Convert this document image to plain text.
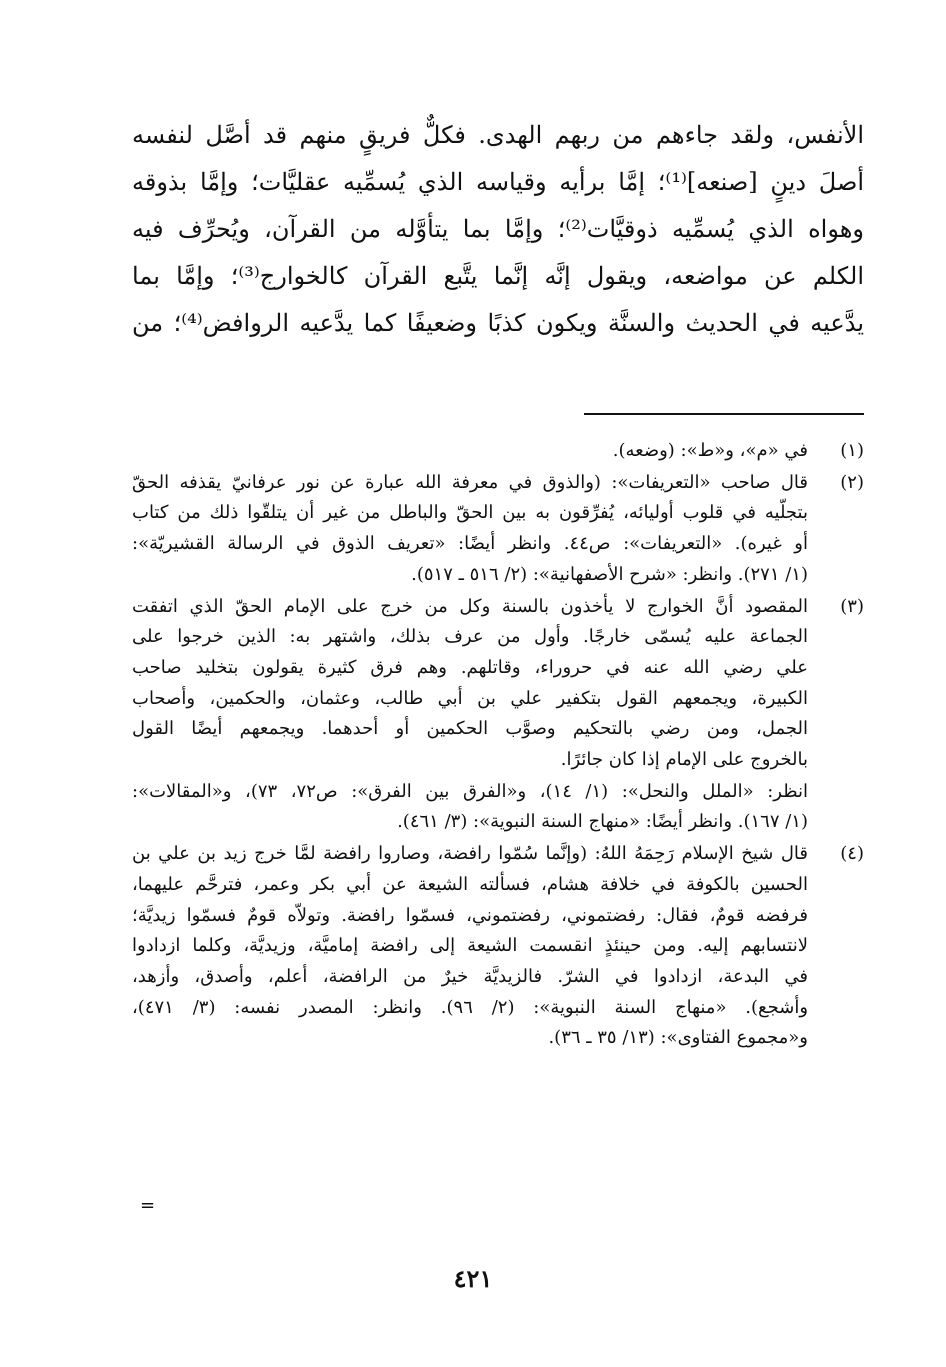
الأنفس، ولقد جاءهم من ربهم الهدى. فكلٌّ فريقٍ منهم قد أصَّل لنفسه
أصلَ دينٍ [صنعه]⁽¹⁾؛ إمَّا برأيه وقياسه الذي يُسمِّيه عقليَّات؛ وإمَّا بذوقه
وهواه الذي يُسمِّيه ذوقيَّات⁽²⁾؛ وإمَّا بما يتأوَّله من القرآن، ويُحرِّف فيه
الكلم عن مواضعه، ويقول إنَّه إنَّما يتَّبع القرآن كالخوارج⁽³⁾؛ وإمَّا بما
يدَّعيه في الحديث والسنَّة ويكون كذبًا وضعيفًا كما يدَّعيه الروافض⁽⁴⁾؛ من
(١)
في «م»، و«ط»: (وضعه).
(٢)
قال صاحب «التعريفات»: (والذوق في معرفة الله عبارة عن نور عرفانيّ يقذفه الحقّ
بتجلّيه في قلوب أوليائه، يُفرِّقون به بين الحقّ والباطل من غير أن يتلقّوا ذلك من كتاب
أو غيره). «التعريفات»: ص٤٤. وانظر أيضًا: «تعريف الذوق في الرسالة القشيريّة»:
(١/ ٢٧١). وانظر: «شرح الأصفهانية»: (٢/ ٥١٦ ـ ٥١٧).
(٣)
المقصود أنَّ الخوارج لا يأخذون بالسنة وكل من خرج على الإمام الحقّ الذي اتفقت
الجماعة عليه يُسمّى خارجًا. وأول من عرف بذلك، واشتهر به: الذين خرجوا على
علي رضي الله عنه في حروراء، وقاتلهم. وهم فرق كثيرة يقولون بتخليد صاحب
الكبيرة، ويجمعهم القول بتكفير علي بن أبي طالب، وعثمان، والحكمين، وأصحاب
الجمل، ومن رضي بالتحكيم وصوَّب الحكمين أو أحدهما. ويجمعهم أيضًا القول
بالخروج على الإمام إذا كان جائرًا.
انظر: «الملل والنحل»: (١/ ١٤)، و«الفرق بين الفرق»: ص٧٢، ٧٣)، و«المقالات»:
(١/ ١٦٧). وانظر أيضًا: «منهاج السنة النبوية»: (٣/ ٤٦١).
(٤)
قال شيخ الإسلام رَحِمَهُ اللهُ: (وإنَّما سُمّوا رافضة، وصاروا رافضة لمَّا خرج زيد بن علي بن
الحسين بالكوفة في خلافة هشام، فسألته الشيعة عن أبي بكر وعمر، فترحَّم عليهما،
فرفضه قومٌ، فقال: رفضتموني، رفضتموني، فسمّوا رافضة. وتولاّه قومٌ فسمّوا زيديَّة؛
لانتسابهم إليه. ومن حينئذٍ انقسمت الشيعة إلى رافضة إماميَّة، وزيديَّة، وكلما ازدادوا
في البدعة، ازدادوا في الشرّ. فالزيديَّة خيرٌ من الرافضة، أعلم، وأصدق، وأزهد،
وأشجع). «منهاج السنة النبوية»: (٢/ ٩٦). وانظر: المصدر نفسه: (٣/ ٤٧١)،
و«مجموع الفتاوى»: (١٣/ ٣٥ ـ ٣٦).
=
٤٢١
